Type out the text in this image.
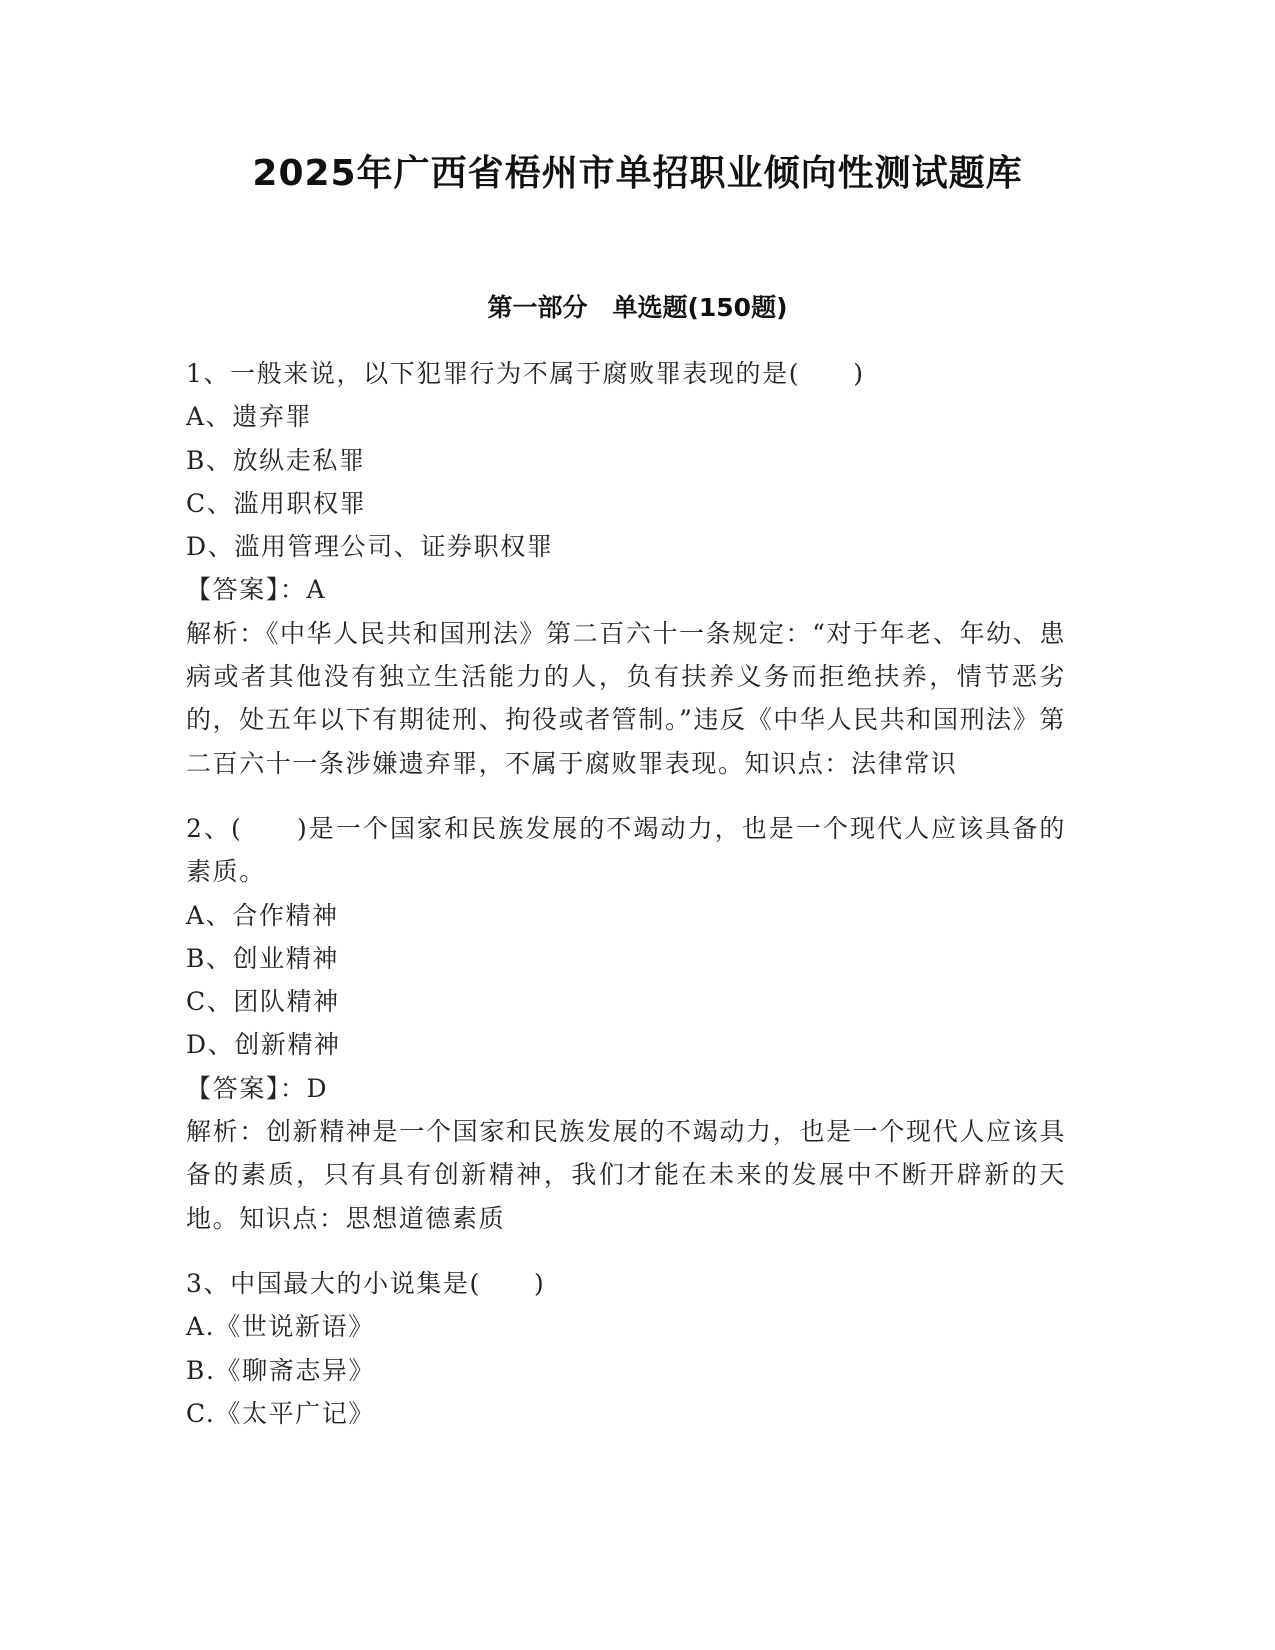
2025年广西省梧州市单招职业倾向性测试题库
第一部分　单选题(150题)
1、一般来说，以下犯罪行为不属于腐败罪表现的是(　　)
A、遗弃罪
B、放纵走私罪
C、滥用职权罪
D、滥用管理公司、证券职权罪
【答案】：A
解析：《中华人民共和国刑法》第二百六十一条规定：“对于年老、年幼、患病或者其他没有独立生活能力的人，负有扶养义务而拒绝扶养，情节恶劣的，处五年以下有期徒刑、拘役或者管制。”违反《中华人民共和国刑法》第二百六十一条涉嫌遗弃罪，不属于腐败罪表现。知识点：法律常识
2、(　　)是一个国家和民族发展的不竭动力，也是一个现代人应该具备的素质。
A、合作精神
B、创业精神
C、团队精神
D、创新精神
【答案】：D
解析：创新精神是一个国家和民族发展的不竭动力，也是一个现代人应该具备的素质，只有具有创新精神，我们才能在未来的发展中不断开辟新的天地。知识点：思想道德素质
3、中国最大的小说集是(　　)
A.《世说新语》
B.《聊斋志异》
C.《太平广记》
